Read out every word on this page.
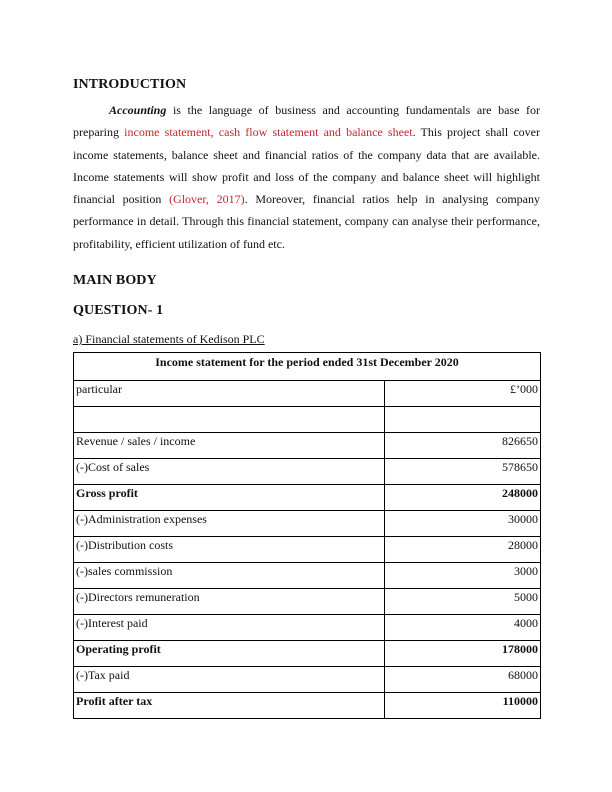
INTRODUCTION
Accounting is the language of business and accounting fundamentals are base for preparing income statement, cash flow statement and balance sheet. This project shall cover income statements, balance sheet and financial ratios of the company data that are available. Income statements will show profit and loss of the company and balance sheet will highlight financial position (Glover, 2017). Moreover, financial ratios help in analysing company performance in detail. Through this financial statement, company can analyse their performance, profitability, efficient utilization of fund etc.
MAIN BODY
QUESTION- 1
a) Financial statements of Kedison PLC
Income statement for the period ended 31st December 2020	
particular	£’000

Revenue / sales / income	826650
(-)Cost of sales	578650
Gross profit	248000
(-)Administration expenses	30000
(-)Distribution costs	28000
(-)sales commission	3000
(-)Directors remuneration	5000
(-)Interest paid	4000
Operating profit	178000
(-)Tax paid	68000
Profit after tax	110000
